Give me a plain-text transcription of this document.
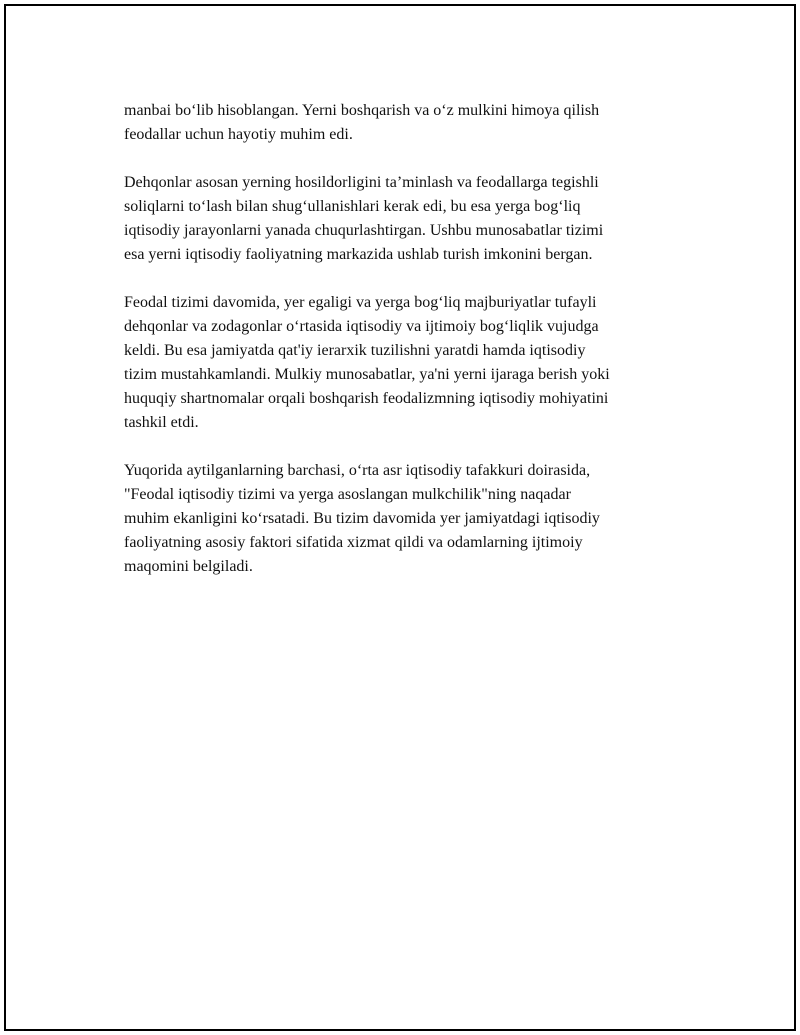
manbai bo‘lib hisoblangan. Yerni boshqarish va o‘z mulkini himoya qilish
feodallar uchun hayotiy muhim edi.

Dehqonlar asosan yerning hosildorligini ta’minlash va feodallarga tegishli
soliqlarni to‘lash bilan shug‘ullanishlari kerak edi, bu esa yerga bog‘liq
iqtisodiy jarayonlarni yanada chuqurlashtirgan. Ushbu munosabatlar tizimi
esa yerni iqtisodiy faoliyatning markazida ushlab turish imkonini bergan.

Feodal tizimi davomida, yer egaligi va yerga bog‘liq majburiyatlar tufayli
dehqonlar va zodagonlar o‘rtasida iqtisodiy va ijtimoiy bog‘liqlik vujudga
keldi. Bu esa jamiyatda qat'iy ierarxik tuzilishni yaratdi hamda iqtisodiy
tizim mustahkamlandi. Mulkiy munosabatlar, ya'ni yerni ijaraga berish yoki
huquqiy shartnomalar orqali boshqarish feodalizmning iqtisodiy mohiyatini
tashkil etdi.

Yuqorida aytilganlarning barchasi, o‘rta asr iqtisodiy tafakkuri doirasida,
"Feodal iqtisodiy tizimi va yerga asoslangan mulkchilik"ning naqadar
muhim ekanligini ko‘rsatadi. Bu tizim davomida yer jamiyatdagi iqtisodiy
faoliyatning asosiy faktori sifatida xizmat qildi va odamlarning ijtimoiy
maqomini belgiladi.
